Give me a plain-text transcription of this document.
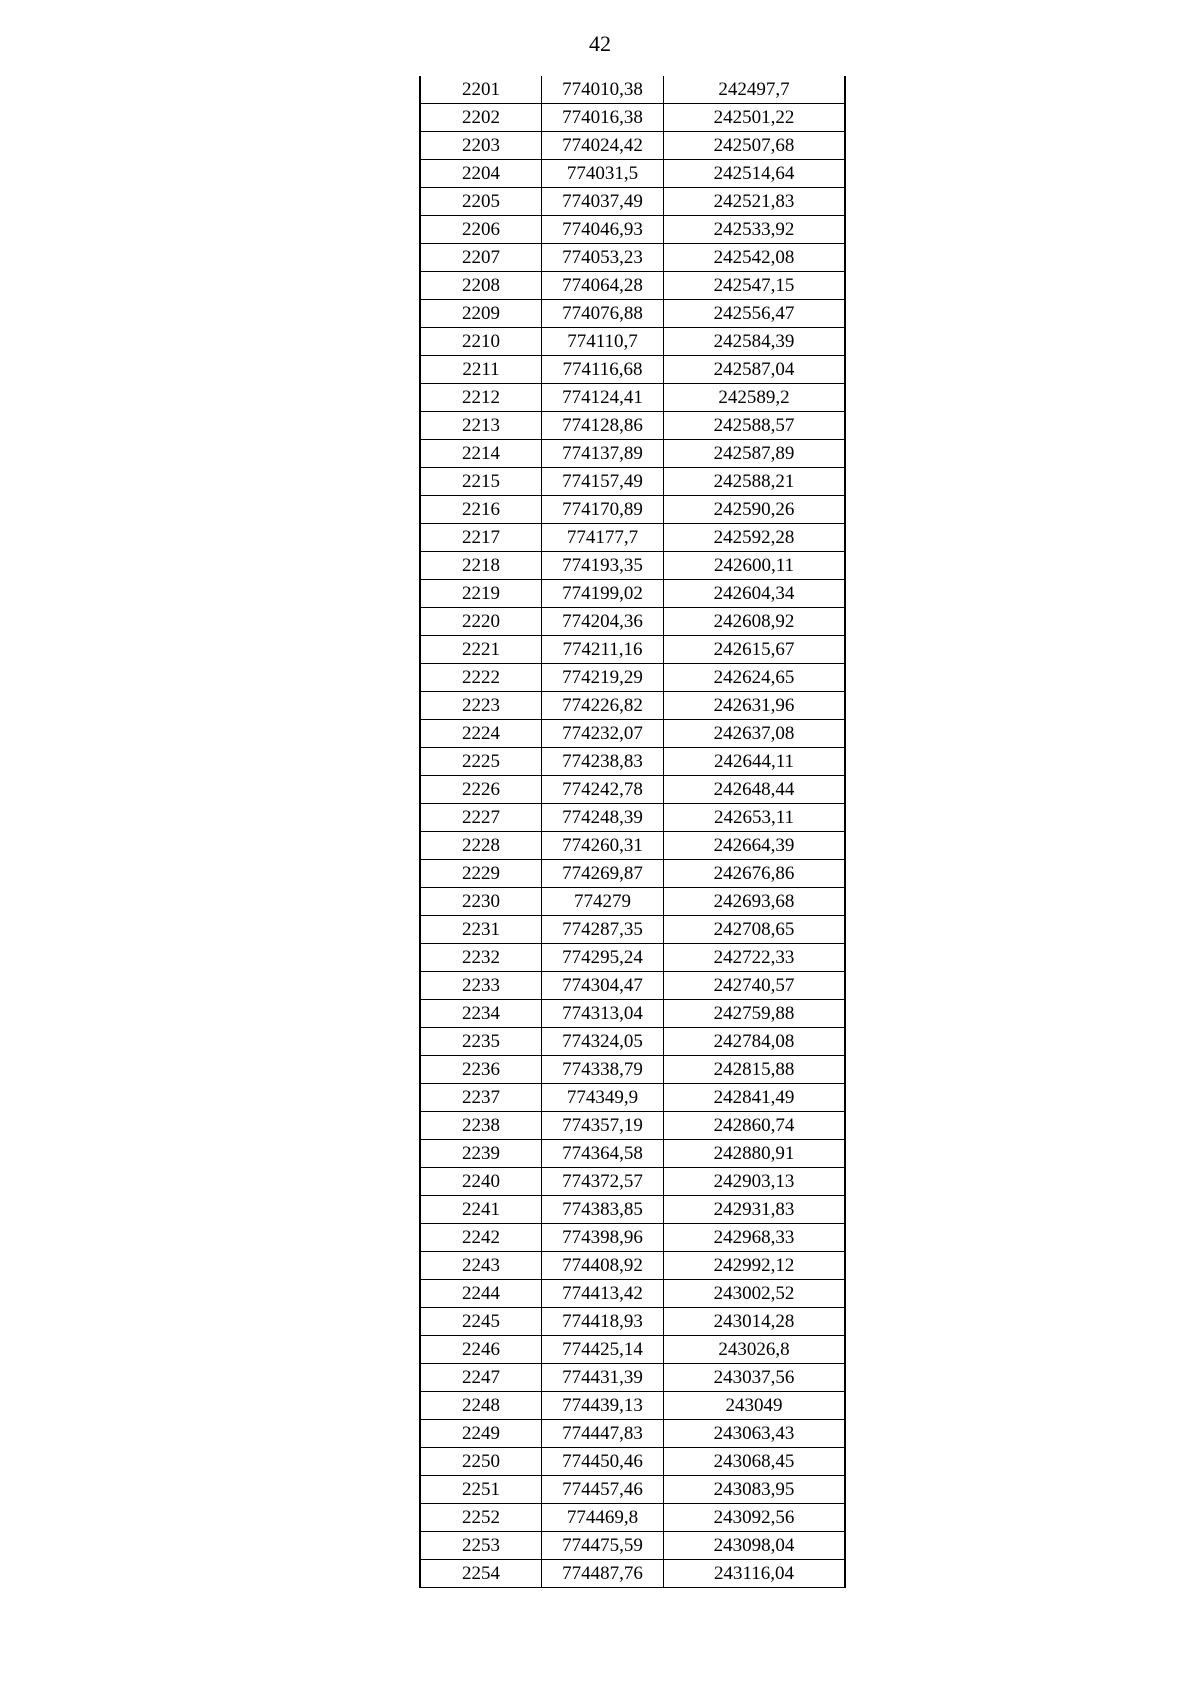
42
2201	774010,38	242497,7
2202	774016,38	242501,22
2203	774024,42	242507,68
2204	774031,5	242514,64
2205	774037,49	242521,83
2206	774046,93	242533,92
2207	774053,23	242542,08
2208	774064,28	242547,15
2209	774076,88	242556,47
2210	774110,7	242584,39
2211	774116,68	242587,04
2212	774124,41	242589,2
2213	774128,86	242588,57
2214	774137,89	242587,89
2215	774157,49	242588,21
2216	774170,89	242590,26
2217	774177,7	242592,28
2218	774193,35	242600,11
2219	774199,02	242604,34
2220	774204,36	242608,92
2221	774211,16	242615,67
2222	774219,29	242624,65
2223	774226,82	242631,96
2224	774232,07	242637,08
2225	774238,83	242644,11
2226	774242,78	242648,44
2227	774248,39	242653,11
2228	774260,31	242664,39
2229	774269,87	242676,86
2230	774279	242693,68
2231	774287,35	242708,65
2232	774295,24	242722,33
2233	774304,47	242740,57
2234	774313,04	242759,88
2235	774324,05	242784,08
2236	774338,79	242815,88
2237	774349,9	242841,49
2238	774357,19	242860,74
2239	774364,58	242880,91
2240	774372,57	242903,13
2241	774383,85	242931,83
2242	774398,96	242968,33
2243	774408,92	242992,12
2244	774413,42	243002,52
2245	774418,93	243014,28
2246	774425,14	243026,8
2247	774431,39	243037,56
2248	774439,13	243049
2249	774447,83	243063,43
2250	774450,46	243068,45
2251	774457,46	243083,95
2252	774469,8	243092,56
2253	774475,59	243098,04
2254	774487,76	243116,04
